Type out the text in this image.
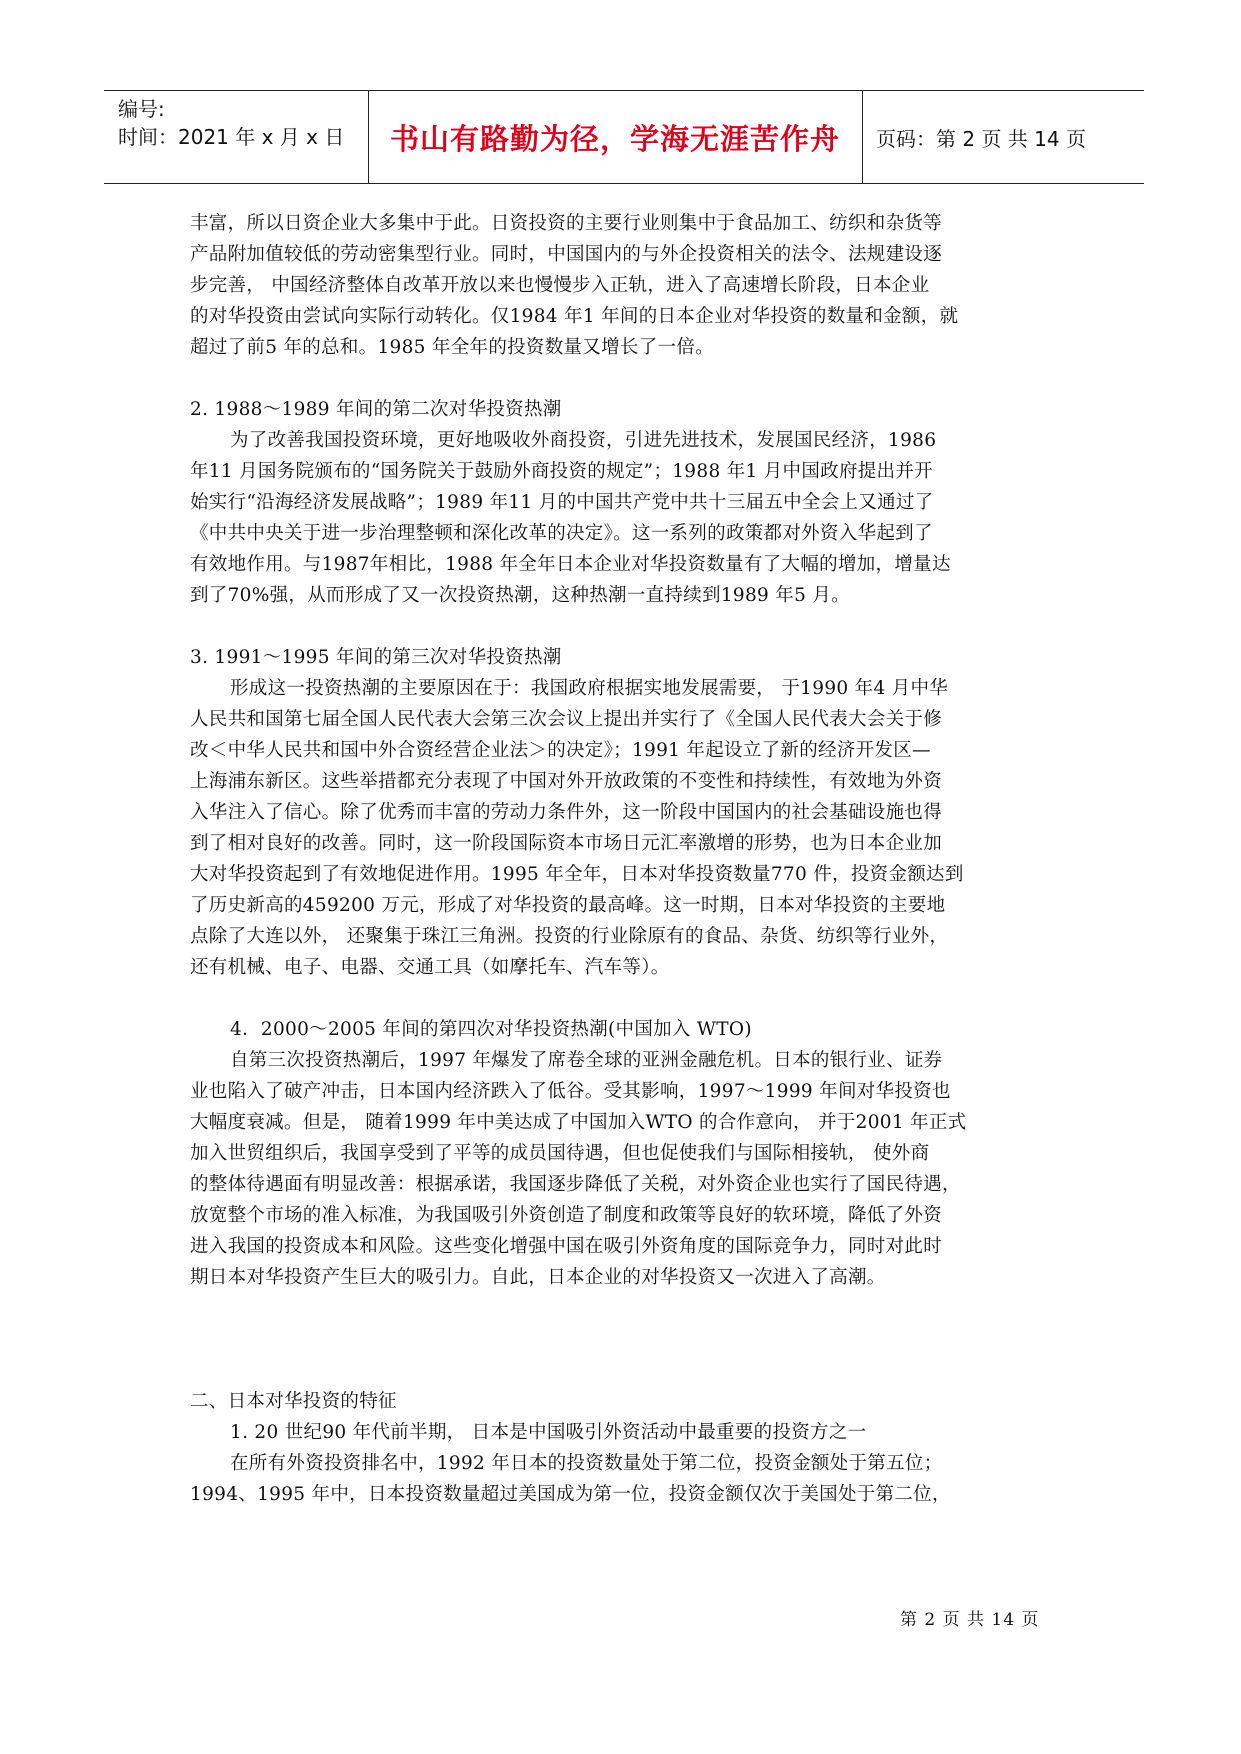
编号:
时间：2021 年 x 月 x 日 书山有路勤为径，学海无涯苦作舟 页码：第 2 页 共 14 页
丰富，所以日资企业大多集中于此。日资投资的主要行业则集中于食品加工、纺织和杂货等
产品附加值较低的劳动密集型行业。同时，中国国内的与外企投资相关的法令、法规建设逐
步完善， 中国经济整体自改革开放以来也慢慢步入正轨，进入了高速增长阶段，日本企业
的对华投资由尝试向实际行动转化。仅1984 年1 年间的日本企业对华投资的数量和金额，就
超过了前5 年的总和。1985 年全年的投资数量又增长了一倍。
2. 1988～1989 年间的第二次对华投资热潮
为了改善我国投资环境，更好地吸收外商投资，引进先进技术，发展国民经济，1986
年11 月国务院颁布的“国务院关于鼓励外商投资的规定”；1988 年1 月中国政府提出并开
始实行“沿海经济发展战略”；1989 年11 月的中国共产党中共十三届五中全会上又通过了
《中共中央关于进一步治理整顿和深化改革的决定》。这一系列的政策都对外资入华起到了
有效地作用。与1987年相比，1988 年全年日本企业对华投资数量有了大幅的增加，增量达
到了70%强，从而形成了又一次投资热潮，这种热潮一直持续到1989 年5 月。
3. 1991～1995 年间的第三次对华投资热潮
形成这一投资热潮的主要原因在于：我国政府根据实地发展需要， 于1990 年4 月中华
人民共和国第七届全国人民代表大会第三次会议上提出并实行了《全国人民代表大会关于修
改＜中华人民共和国中外合资经营企业法＞的决定》；1991 年起设立了新的经济开发区—
上海浦东新区。这些举措都充分表现了中国对外开放政策的不变性和持续性，有效地为外资
入华注入了信心。除了优秀而丰富的劳动力条件外，这一阶段中国国内的社会基础设施也得
到了相对良好的改善。同时，这一阶段国际资本市场日元汇率激增的形势，也为日本企业加
大对华投资起到了有效地促进作用。1995 年全年，日本对华投资数量770 件，投资金额达到
了历史新高的459200 万元，形成了对华投资的最高峰。这一时期，日本对华投资的主要地
点除了大连以外， 还聚集于珠江三角洲。投资的行业除原有的食品、杂货、纺织等行业外，
还有机械、电子、电器、交通工具（如摩托车、汽车等）。
4．2000～2005 年间的第四次对华投资热潮(中国加入 WTO)
自第三次投资热潮后，1997 年爆发了席卷全球的亚洲金融危机。日本的银行业、证券
业也陷入了破产冲击，日本国内经济跌入了低谷。受其影响，1997～1999 年间对华投资也
大幅度衰减。但是， 随着1999 年中美达成了中国加入WTO 的合作意向， 并于2001 年正式
加入世贸组织后，我国享受到了平等的成员国待遇，但也促使我们与国际相接轨， 使外商
的整体待遇面有明显改善：根据承诺，我国逐步降低了关税，对外资企业也实行了国民待遇，
放宽整个市场的准入标准，为我国吸引外资创造了制度和政策等良好的软环境，降低了外资
进入我国的投资成本和风险。这些变化增强中国在吸引外资角度的国际竞争力，同时对此时
期日本对华投资产生巨大的吸引力。自此，日本企业的对华投资又一次进入了高潮。
二、日本对华投资的特征
1. 20 世纪90 年代前半期， 日本是中国吸引外资活动中最重要的投资方之一
在所有外资投资排名中，1992 年日本的投资数量处于第二位，投资金额处于第五位；
1994、1995 年中，日本投资数量超过美国成为第一位，投资金额仅次于美国处于第二位，
第 2 页 共 14 页
